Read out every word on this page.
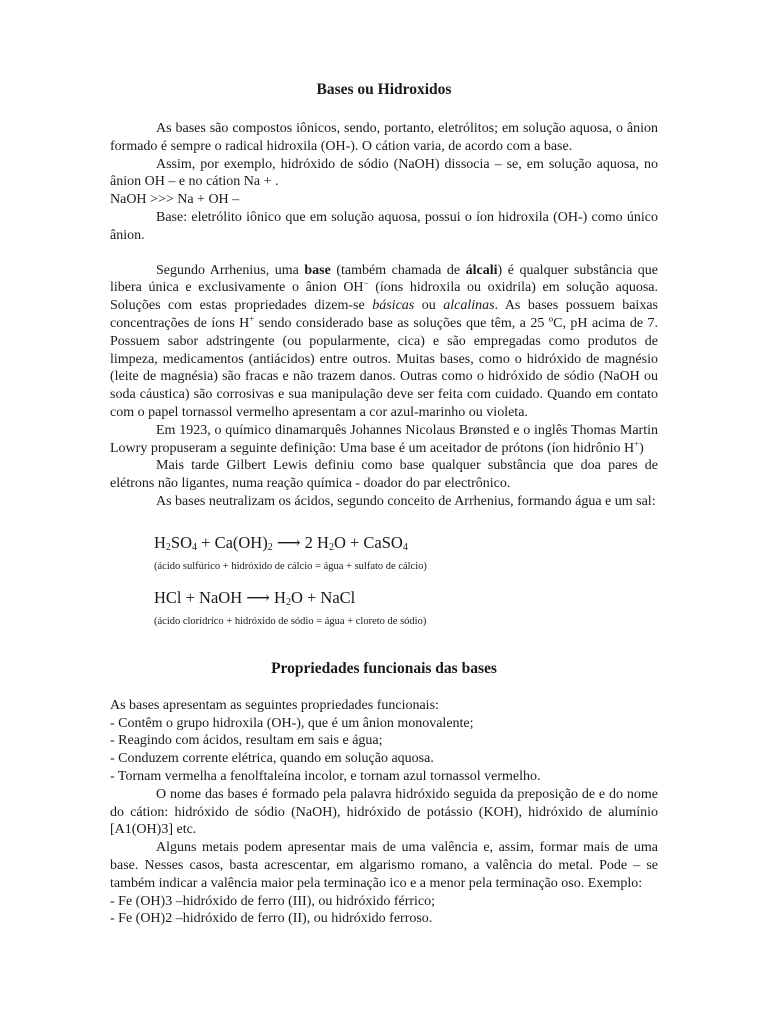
Bases ou Hidroxidos

As bases são compostos iônicos, sendo, portanto, eletrólitos; em solução aquosa, o ânion formado é sempre o radical hidroxila (OH-). O cátion varia, de acordo com a base.

Assim, por exemplo, hidróxido de sódio (NaOH) dissocia – se, em solução aquosa, no ânion OH – e no cátion Na + .

NaOH >>> Na + OH –

Base: eletrólito iônico que em solução aquosa, possui o íon hidroxila (OH-) como único ânion.

Segundo Arrhenius, uma base (também chamada de álcali) é qualquer substância que libera única e exclusivamente o ânion OH− (íons hidroxila ou oxidrila) em solução aquosa. Soluções com estas propriedades dizem-se básicas ou alcalinas. As bases possuem baixas concentrações de íons H+ sendo considerado base as soluções que têm, a 25 ºC, pH acima de 7. Possuem sabor adstringente (ou popularmente, cica) e são empregadas como produtos de limpeza, medicamentos (antiácidos) entre outros. Muitas bases, como o hidróxido de magnésio (leite de magnésia) são fracas e não trazem danos. Outras como o hidróxido de sódio (NaOH ou soda cáustica) são corrosivas e sua manipulação deve ser feita com cuidado. Quando em contato com o papel tornassol vermelho apresentam a cor azul-marinho ou violeta.

Em 1923, o químico dinamarquês Johannes Nicolaus Brønsted e o inglês Thomas Martin Lowry propuseram a seguinte definição: Uma base é um aceitador de prótons (íon hidrônio H+)

Mais tarde Gilbert Lewis definiu como base qualquer substância que doa pares de elétrons não ligantes, numa reação química - doador do par electrônico.

As bases neutralizam os ácidos, segundo conceito de Arrhenius, formando água e um sal:

$H_2SO_4 + Ca(OH)_2$ ⟶ 2 $H_2O$ + CaSO$_4$

(ácido sulfúrico + hidróxido de cálcio = água + sulfato de cálcio)

HCl + NaOH ⟶ $H_2O$ + NaCl

(ácido clorídrico + hidróxido de sódio = água + cloreto de sódio)

Propriedades funcionais das bases

As bases apresentam as seguintes propriedades funcionais:

- Contêm o grupo hidroxila (OH-), que é um ânion monovalente;

- Reagindo com ácidos, resultam em sais e água;

- Conduzem corrente elétrica, quando em solução aquosa.

- Tornam vermelha a fenolftaleína incolor, e tornam azul tornassol vermelho.

O nome das bases é formado pela palavra hidróxido seguida da preposição de e do nome do cátion: hidróxido de sódio (NaOH), hidróxido de potássio (KOH), hidróxido de alumínio [A1(OH)3] etc.

Alguns metais podem apresentar mais de uma valência e, assim, formar mais de uma base. Nesses casos, basta acrescentar, em algarismo romano, a valência do metal. Pode – se também indicar a valência maior pela terminação ico e a menor pela terminação oso. Exemplo:

- Fe (OH)3 –hidróxido de ferro (III), ou hidróxido férrico;

- Fe (OH)2 –hidróxido de ferro (II), ou hidróxido ferroso.
